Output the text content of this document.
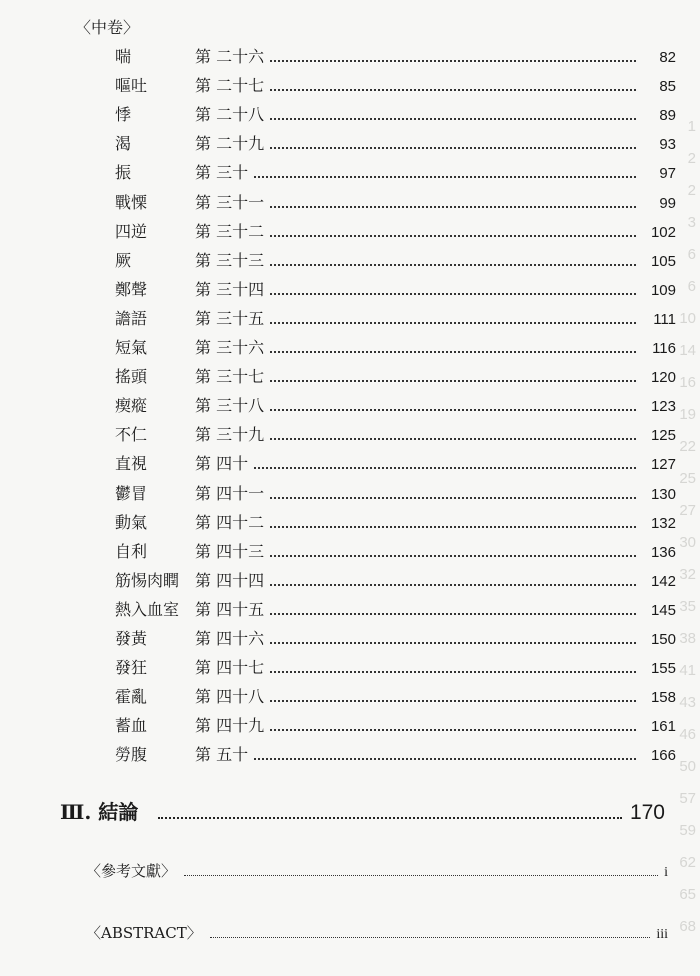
〈中卷〉
1
2
2
3
6
6
10
14
16
19
22
25
27
30
32
35
38
41
43
46
50
57
59
62
65
68
喘	第 二十六	82
嘔吐	第 二十七	85
悸	第 二十八	89
渴	第 二十九	93
振	第 三十	97
戰慄	第 三十一	99
四逆	第 三十二	102
厥	第 三十三	105
鄭聲	第 三十四	109
譫語	第 三十五	111
短氣	第 三十六	116
搖頭	第 三十七	120
瘈瘲	第 三十八	123
不仁	第 三十九	125
直視	第 四十	127
鬱冒	第 四十一	130
動氣	第 四十二	132
自利	第 四十三	136
筋惕肉瞤 第 四十四	142
熱入血室 第 四十五	145
發黃	第 四十六	150
發狂	第 四十七	155
霍亂	第 四十八	158
蓄血	第 四十九	161
勞腹	第 五十	166
Ⅲ. 結論	170
〈參考文獻〉	i
〈ABSTRACT〉	iii
